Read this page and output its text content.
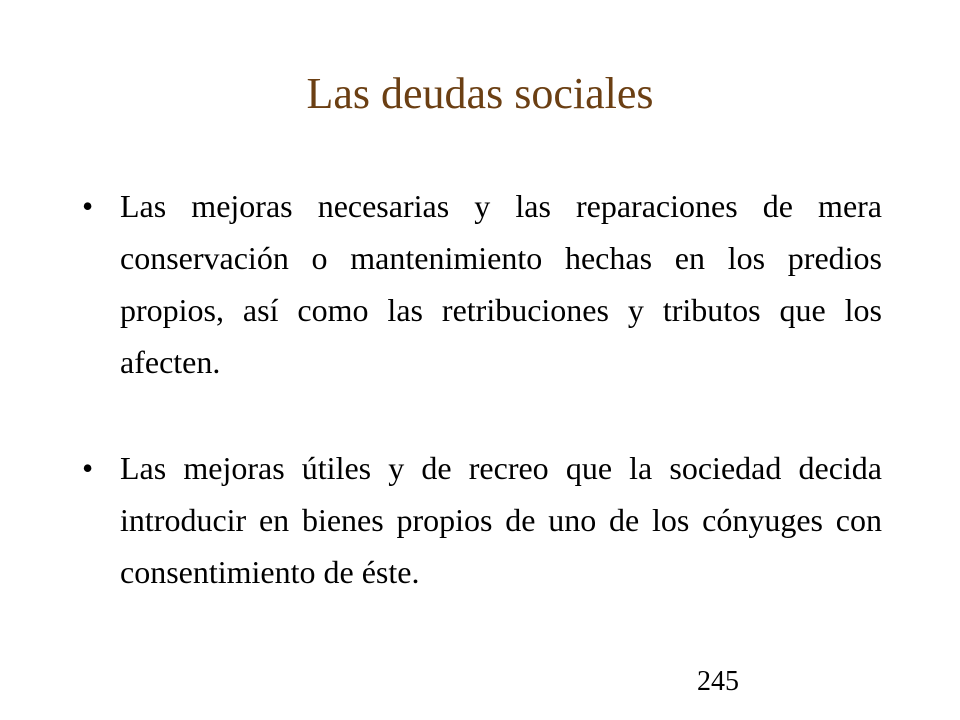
Las deudas sociales
• Las mejoras necesarias y las reparaciones de mera conservación o mantenimiento hechas en los predios propios, así como las retribuciones y tributos que los afecten.
• Las mejoras útiles y de recreo que la sociedad decida introducir en bienes propios de uno de los cónyuges con consentimiento de éste.
245
